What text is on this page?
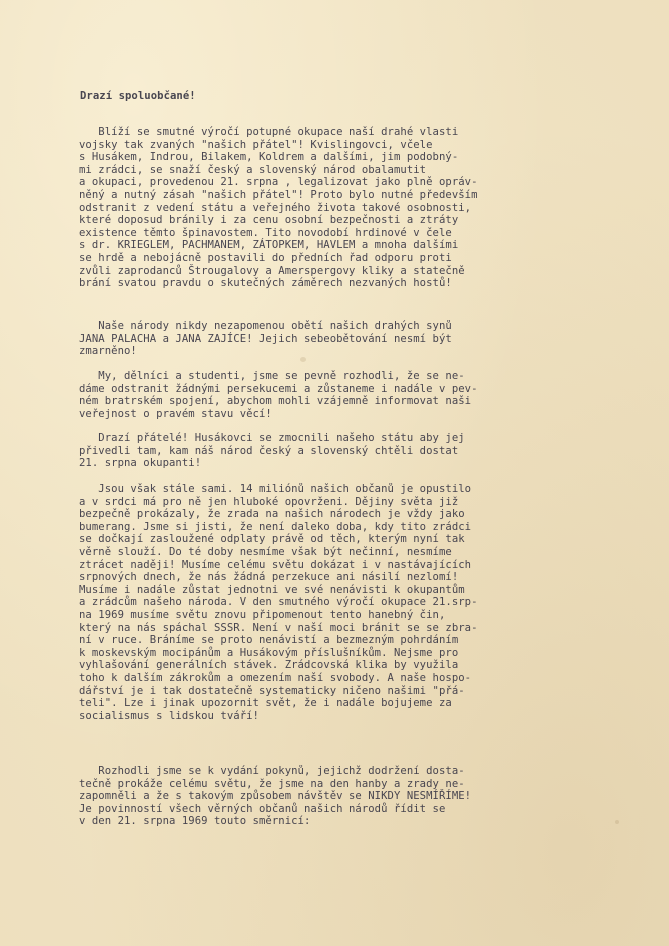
Drazí spoluobčané!
Blíží se smutné výročí potupné okupace naší drahé vlasti
vojsky tak zvaných "našich přátel"! Kvislingovci, včele
s Husákem, Indrou, Bilakem, Koldrem a dalšími, jim podobný-
mi zrádci, se snaží český a slovenský národ obalamutit
a okupaci, provedenou 21. srpna , legalizovat jako plně opráv-
něný a nutný zásah "našich přátel"! Proto bylo nutné především
odstranit z vedení státu a veřejného života takové osobnosti,
které doposud bránily i za cenu osobní bezpečnosti a ztráty
existence těmto špinavostem. Tito novodobí hrdinové v čele
s dr. KRIEGLEM, PACHMANEM, ZÁTOPKEM, HAVLEM a mnoha dalšími
se hrdě a nebojácně postavili do předních řad odporu proti
zvůli zaprodanců Štrougalovy a Amerspergovy kliky a statečně
brání svatou pravdu o skutečných záměrech nezvaných hostů!
Naše národy nikdy nezapomenou obětí našich drahých synů
JANA PALACHA a JANA ZAJÍCE! Jejich sebeobětování nesmí být
zmarněno!
My, dělníci a studenti, jsme se pevně rozhodli, že se ne-
dáme odstranit žádnými persekucemi a zůstaneme i nadále v pev-
ném bratrském spojení, abychom mohli vzájemně informovat naši
veřejnost o pravém stavu věcí!
Drazí přátelé! Husákovci se zmocnili našeho státu aby jej
přivedli tam, kam náš národ český a slovenský chtěli dostat
21. srpna okupanti!
Jsou však stále sami. 14 miliónů našich občanů je opustilo
a v srdci má pro ně jen hluboké opovrženi. Dějiny světa již
bezpečně prokázaly, že zrada na našich národech je vždy jako
bumerang. Jsme si jisti, že není daleko doba, kdy tito zrádci
se dočkají zasloužené odplaty právě od těch, kterým nyní tak
věrně slouží. Do té doby nesmíme však být nečinní, nesmíme
ztrácet naději! Musíme celému světu dokázat i v nastávajících
srpnových dnech, že nás žádná perzekuce ani násilí nezlomí!
Musíme i nadále zůstat jednotni ve své nenávisti k okupantům
a zrádcům našeho národa. V den smutného výročí okupace 21.srp-
na 1969 musíme světu znovu připomenout tento hanebný čin,
který na nás spáchal SSSR. Není v naší moci bránit se se zbra-
ní v ruce. Bráníme se proto nenávistí a bezmezným pohrdáním
k moskevským mocipánům a Husákovým příslušníkům. Nejsme pro
vyhlašování generálních stávek. Zrádcovská klika by využila
toho k dalším zákrokům a omezením naší svobody. A naše hospo-
dářství je i tak dostatečně systematicky ničeno našimi "přá-
teli". Lze i jinak upozornit svět, že i nadále bojujeme za
socialismus s lidskou tváří!
Rozhodli jsme se k vydání pokynů, jejichž dodržení dosta-
tečně prokáže celému světu, že jsme na den hanby a zrady ne-
zapomněli a že s takovým způsobem návštěv se NIKDY NESMÍŘÍME!
Je povinností všech věrných občanů našich národů řídit se
v den 21. srpna 1969 touto směrnicí:
